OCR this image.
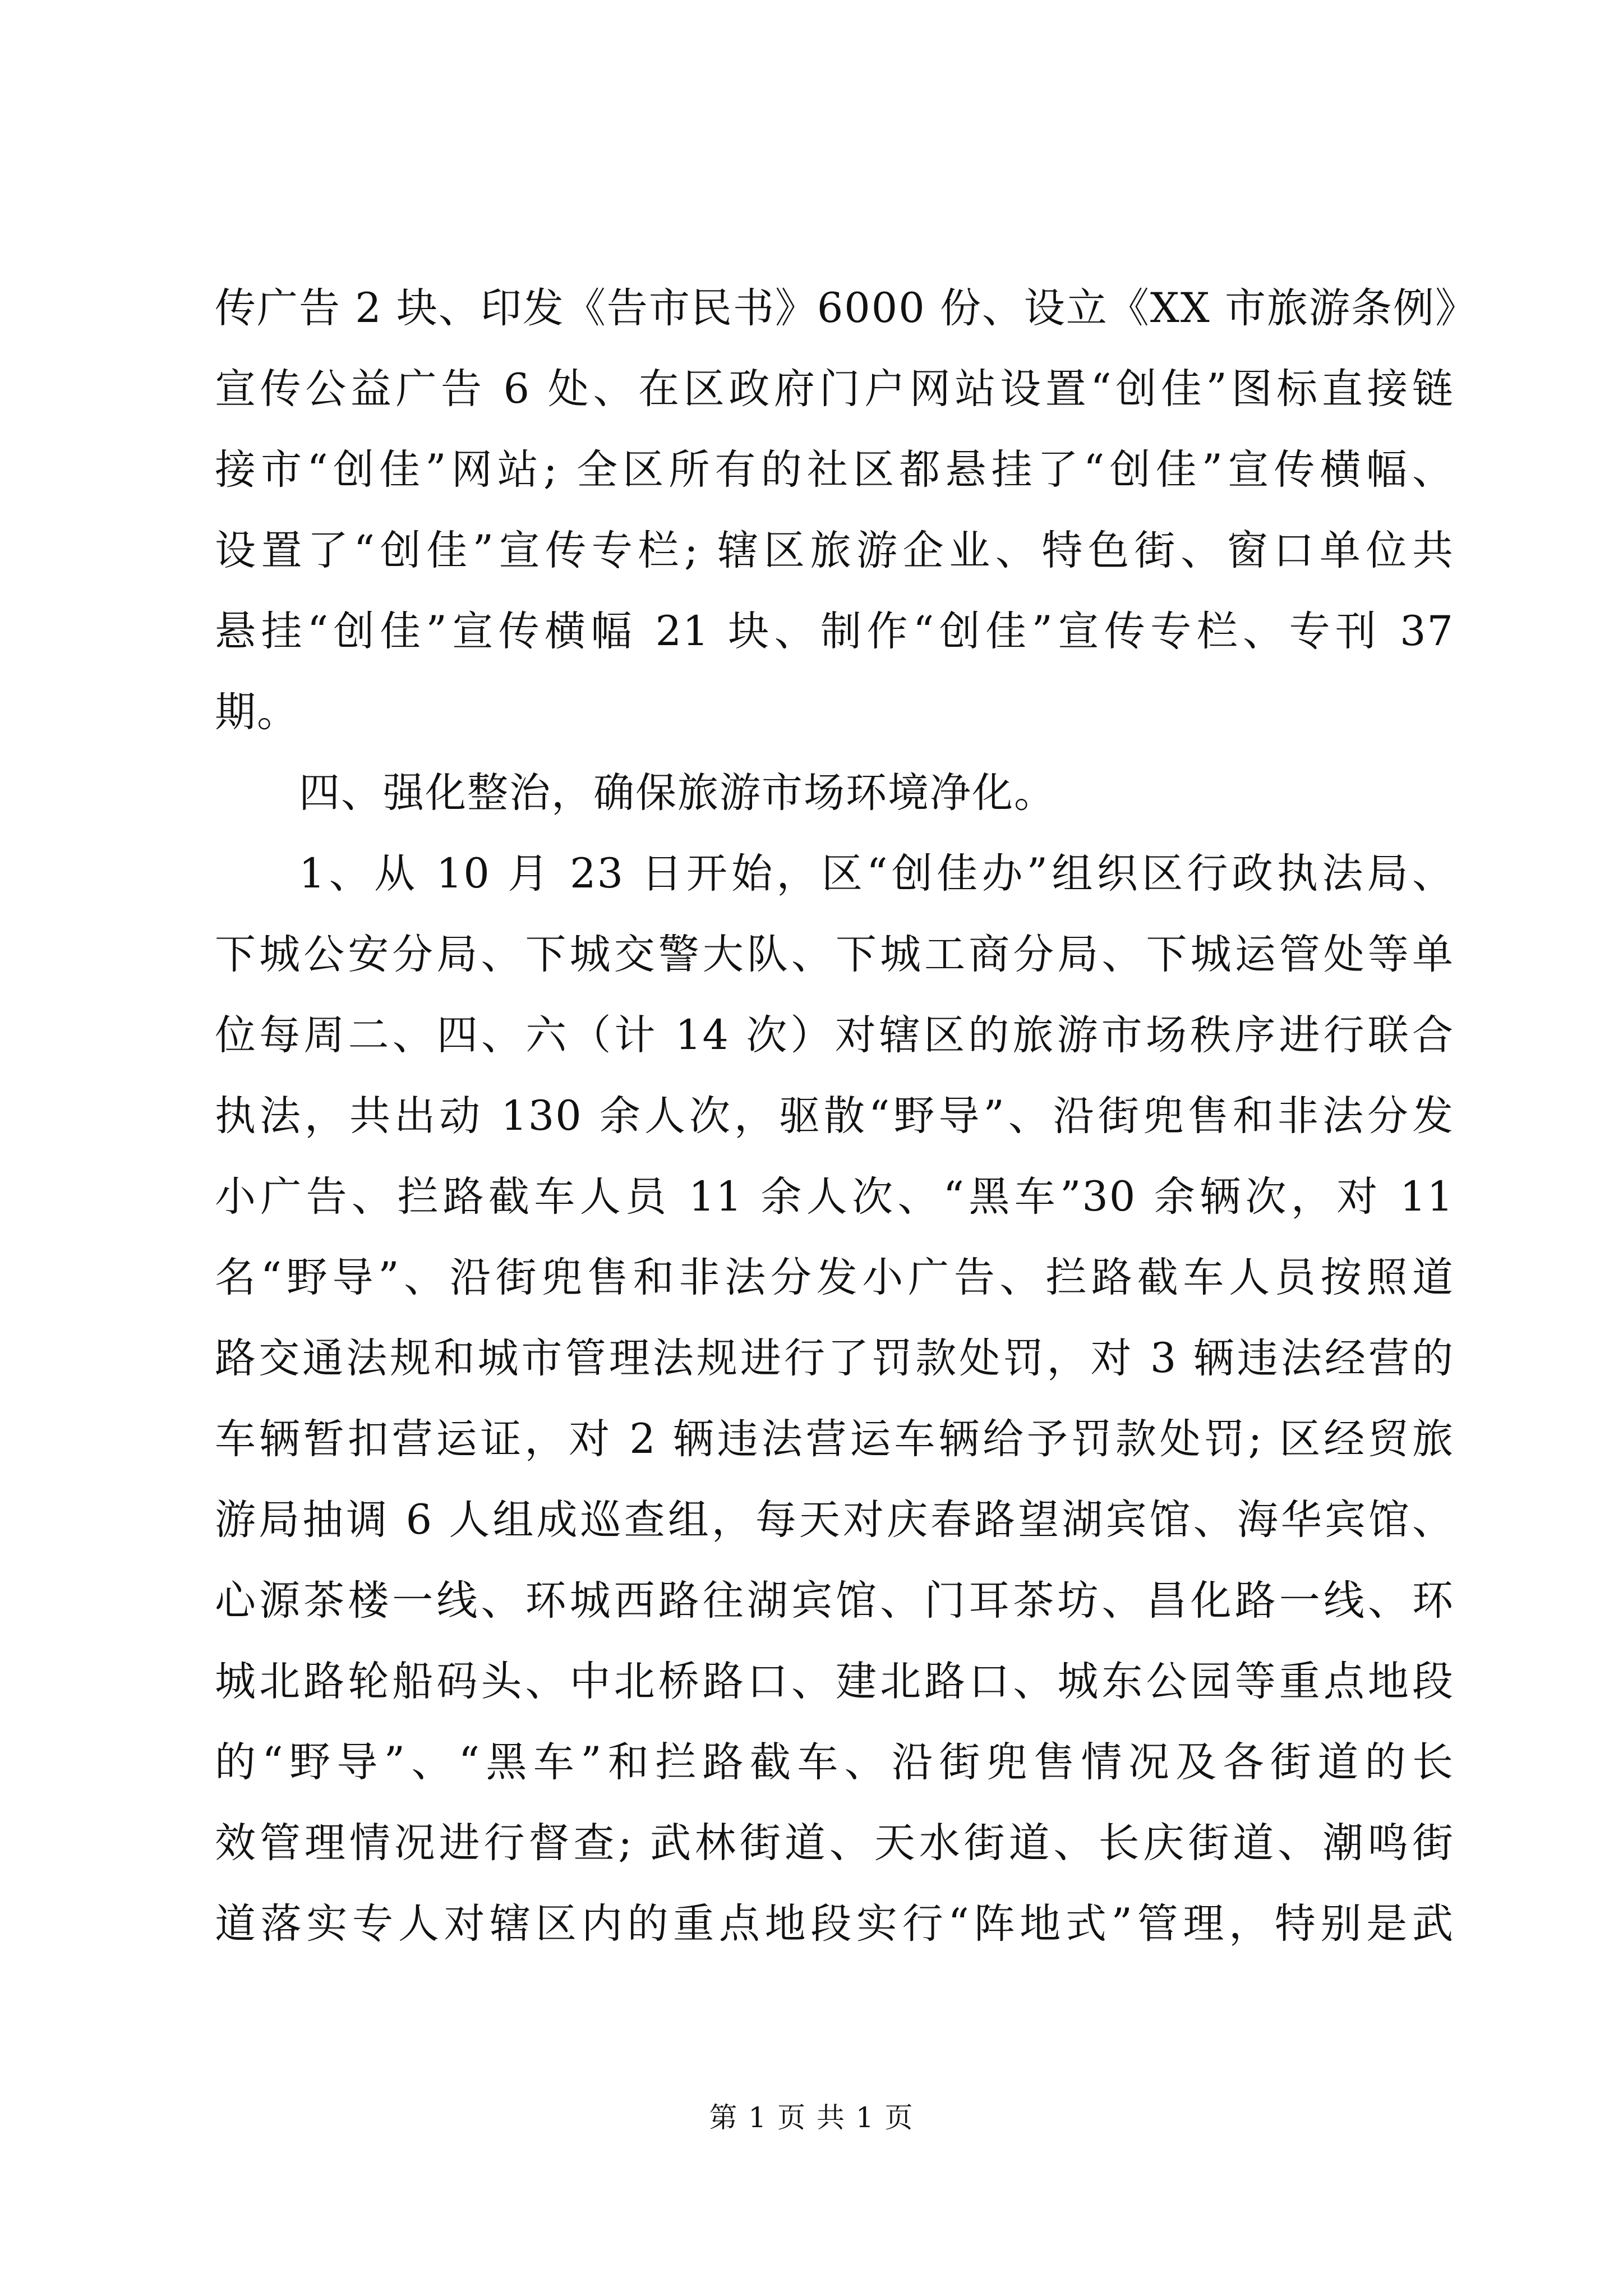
传广告 2 块、印发《告市民书》6000 份、设立《XX 市旅游条例》
宣传公益广告 6 处、在区政府门户网站设置“创佳”图标直接链
接市“创佳”网站; 全区所有的社区都悬挂了“创佳”宣传横幅、
设置了“创佳”宣传专栏; 辖区旅游企业、特色街、窗口单位共
悬挂“创佳”宣传横幅 21 块、制作“创佳”宣传专栏、专刊 37
期。
四、强化整治，确保旅游市场环境净化。
1、从 10 月 23 日开始，区“创佳办”组织区行政执法局、
下城公安分局、下城交警大队、下城工商分局、下城运管处等单
位每周二、四、六（计 14 次）对辖区的旅游市场秩序进行联合
执法，共出动 130 余人次，驱散“野导”、沿街兜售和非法分发
小广告、拦路截车人员 11 余人次、“黑车”30 余辆次，对 11
名“野导”、沿街兜售和非法分发小广告、拦路截车人员按照道
路交通法规和城市管理法规进行了罚款处罚，对 3 辆违法经营的
车辆暂扣营运证，对 2 辆违法营运车辆给予罚款处罚; 区经贸旅
游局抽调 6 人组成巡查组，每天对庆春路望湖宾馆、海华宾馆、
心源茶楼一线、环城西路往湖宾馆、门耳茶坊、昌化路一线、环
城北路轮船码头、中北桥路口、建北路口、城东公园等重点地段
的“野导”、“黑车”和拦路截车、沿街兜售情况及各街道的长
效管理情况进行督查; 武林街道、天水街道、长庆街道、潮鸣街
道落实专人对辖区内的重点地段实行“阵地式”管理，特别是武
第 1 页 共 1 页
